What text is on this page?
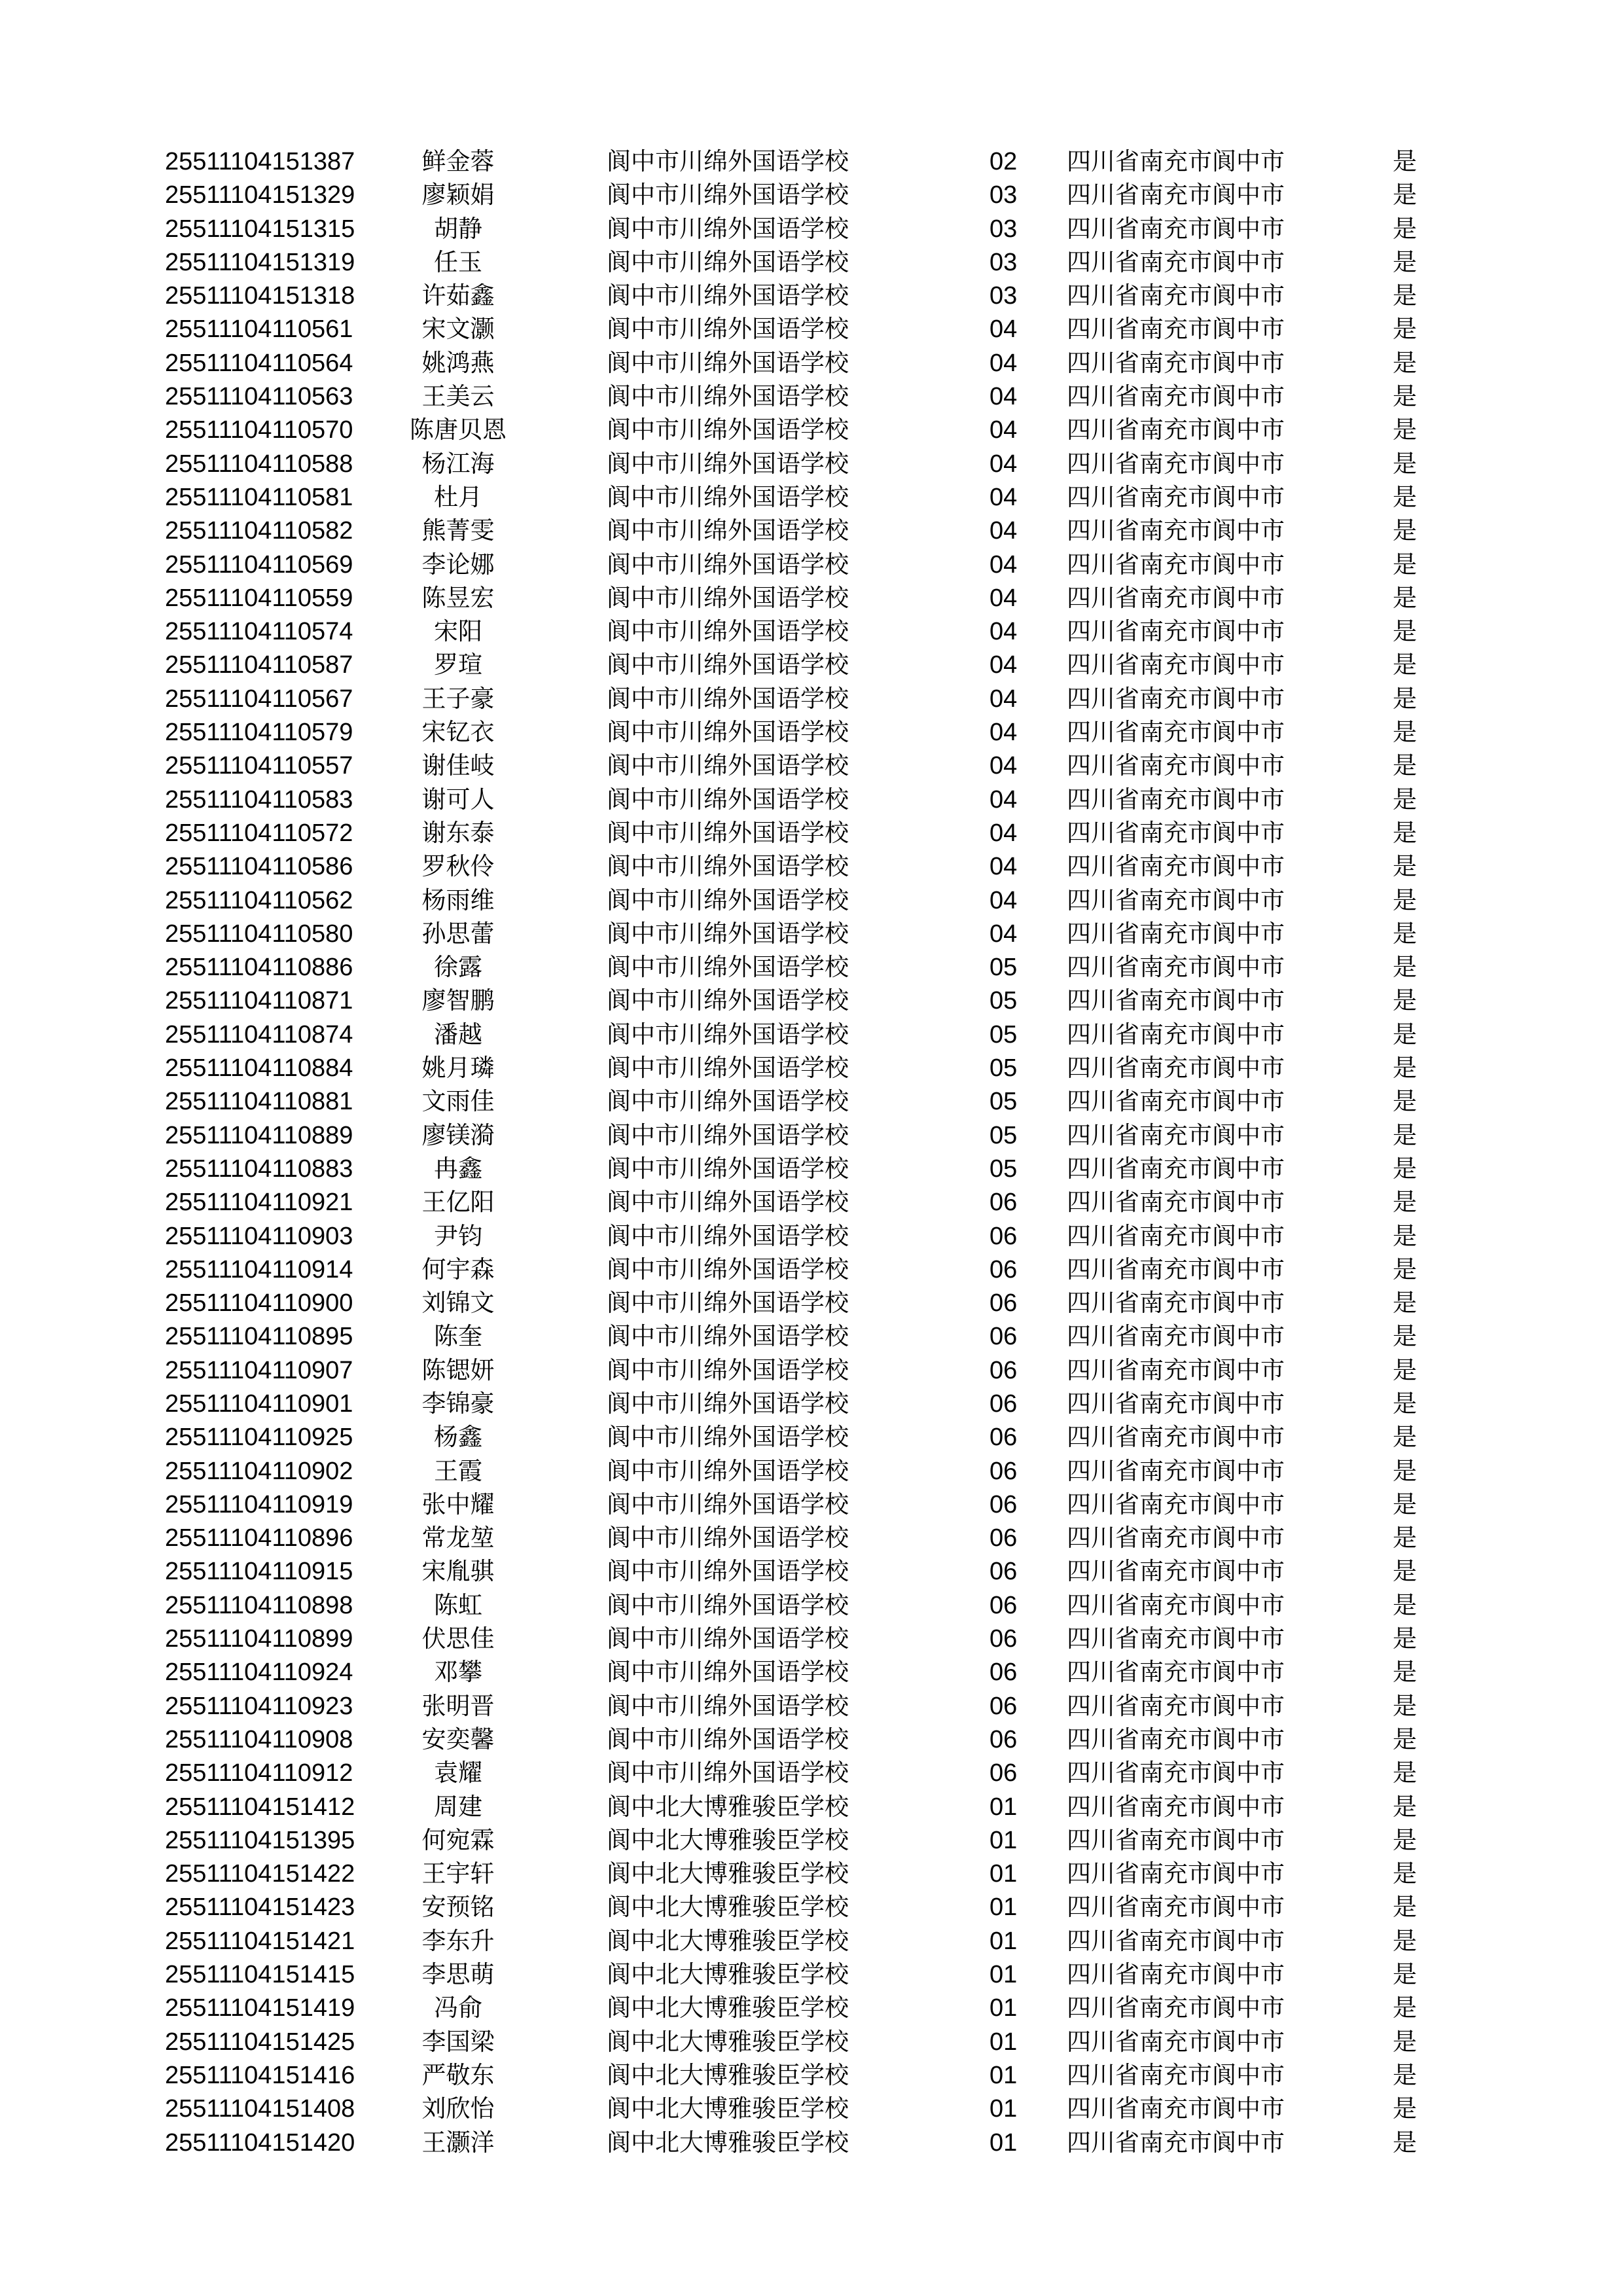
25511104151387	鲜金蓉	阆中市川绵外国语学校	02 四川省南充市阆中市	是
25511104151329	廖颖娟	阆中市川绵外国语学校	03 四川省南充市阆中市	是
25511104151315	胡静	阆中市川绵外国语学校	03 四川省南充市阆中市	是
25511104151319	任玉	阆中市川绵外国语学校	03 四川省南充市阆中市	是
25511104151318	许茹鑫	阆中市川绵外国语学校	03 四川省南充市阆中市	是
25511104110561	宋文灏	阆中市川绵外国语学校	04 四川省南充市阆中市	是
25511104110564	姚鸿燕	阆中市川绵外国语学校	04 四川省南充市阆中市	是
25511104110563	王美云	阆中市川绵外国语学校	04 四川省南充市阆中市	是
25511104110570 陈唐贝恩	阆中市川绵外国语学校	04 四川省南充市阆中市	是
25511104110588	杨江海	阆中市川绵外国语学校	04 四川省南充市阆中市	是
25511104110581	杜月	阆中市川绵外国语学校	04 四川省南充市阆中市	是
25511104110582	熊菁雯	阆中市川绵外国语学校	04 四川省南充市阆中市	是
25511104110569	李论娜	阆中市川绵外国语学校	04 四川省南充市阆中市	是
25511104110559	陈昱宏	阆中市川绵外国语学校	04 四川省南充市阆中市	是
25511104110574	宋阳	阆中市川绵外国语学校	04 四川省南充市阆中市	是
25511104110587	罗瑄	阆中市川绵外国语学校	04 四川省南充市阆中市	是
25511104110567	王子豪	阆中市川绵外国语学校	04 四川省南充市阆中市	是
25511104110579	宋钇衣	阆中市川绵外国语学校	04 四川省南充市阆中市	是
25511104110557	谢佳岐	阆中市川绵外国语学校	04 四川省南充市阆中市	是
25511104110583	谢可人	阆中市川绵外国语学校	04 四川省南充市阆中市	是
25511104110572	谢东泰	阆中市川绵外国语学校	04 四川省南充市阆中市	是
25511104110586	罗秋伶	阆中市川绵外国语学校	04 四川省南充市阆中市	是
25511104110562	杨雨维	阆中市川绵外国语学校	04 四川省南充市阆中市	是
25511104110580	孙思蕾	阆中市川绵外国语学校	04 四川省南充市阆中市	是
25511104110886	徐露	阆中市川绵外国语学校	05 四川省南充市阆中市	是
25511104110871	廖智鹏	阆中市川绵外国语学校	05 四川省南充市阆中市	是
25511104110874	潘越	阆中市川绵外国语学校	05 四川省南充市阆中市	是
25511104110884	姚月璘	阆中市川绵外国语学校	05 四川省南充市阆中市	是
25511104110881	文雨佳	阆中市川绵外国语学校	05 四川省南充市阆中市	是
25511104110889	廖镁漪	阆中市川绵外国语学校	05 四川省南充市阆中市	是
25511104110883	冉鑫	阆中市川绵外国语学校	05 四川省南充市阆中市	是
25511104110921	王亿阳	阆中市川绵外国语学校	06 四川省南充市阆中市	是
25511104110903	尹钧	阆中市川绵外国语学校	06 四川省南充市阆中市	是
25511104110914	何宇森	阆中市川绵外国语学校	06 四川省南充市阆中市	是
25511104110900	刘锦文	阆中市川绵外国语学校	06 四川省南充市阆中市	是
25511104110895	陈奎	阆中市川绵外国语学校	06 四川省南充市阆中市	是
25511104110907	陈锶妍	阆中市川绵外国语学校	06 四川省南充市阆中市	是
25511104110901	李锦豪	阆中市川绵外国语学校	06 四川省南充市阆中市	是
25511104110925	杨鑫	阆中市川绵外国语学校	06 四川省南充市阆中市	是
25511104110902	王霞	阆中市川绵外国语学校	06 四川省南充市阆中市	是
25511104110919	张中耀	阆中市川绵外国语学校	06 四川省南充市阆中市	是
25511104110896	常龙堃	阆中市川绵外国语学校	06 四川省南充市阆中市	是
25511104110915	宋胤骐	阆中市川绵外国语学校	06 四川省南充市阆中市	是
25511104110898	陈虹	阆中市川绵外国语学校	06 四川省南充市阆中市	是
25511104110899	伏思佳	阆中市川绵外国语学校	06 四川省南充市阆中市	是
25511104110924	邓攀	阆中市川绵外国语学校	06 四川省南充市阆中市	是
25511104110923	张明晋	阆中市川绵外国语学校	06 四川省南充市阆中市	是
25511104110908	安奕馨	阆中市川绵外国语学校	06 四川省南充市阆中市	是
25511104110912	袁耀	阆中市川绵外国语学校	06 四川省南充市阆中市	是
25511104151412	周建	阆中北大博雅骏臣学校	01 四川省南充市阆中市	是
25511104151395	何宛霖	阆中北大博雅骏臣学校	01 四川省南充市阆中市	是
25511104151422	王宇轩	阆中北大博雅骏臣学校	01 四川省南充市阆中市	是
25511104151423	安预铭	阆中北大博雅骏臣学校	01 四川省南充市阆中市	是
25511104151421	李东升	阆中北大博雅骏臣学校	01 四川省南充市阆中市	是
25511104151415	李思萌	阆中北大博雅骏臣学校	01 四川省南充市阆中市	是
25511104151419	冯俞	阆中北大博雅骏臣学校	01 四川省南充市阆中市	是
25511104151425	李国梁	阆中北大博雅骏臣学校	01 四川省南充市阆中市	是
25511104151416	严敬东	阆中北大博雅骏臣学校	01 四川省南充市阆中市	是
25511104151408	刘欣怡	阆中北大博雅骏臣学校	01 四川省南充市阆中市	是
25511104151420	王灏洋	阆中北大博雅骏臣学校	01 四川省南充市阆中市	是
